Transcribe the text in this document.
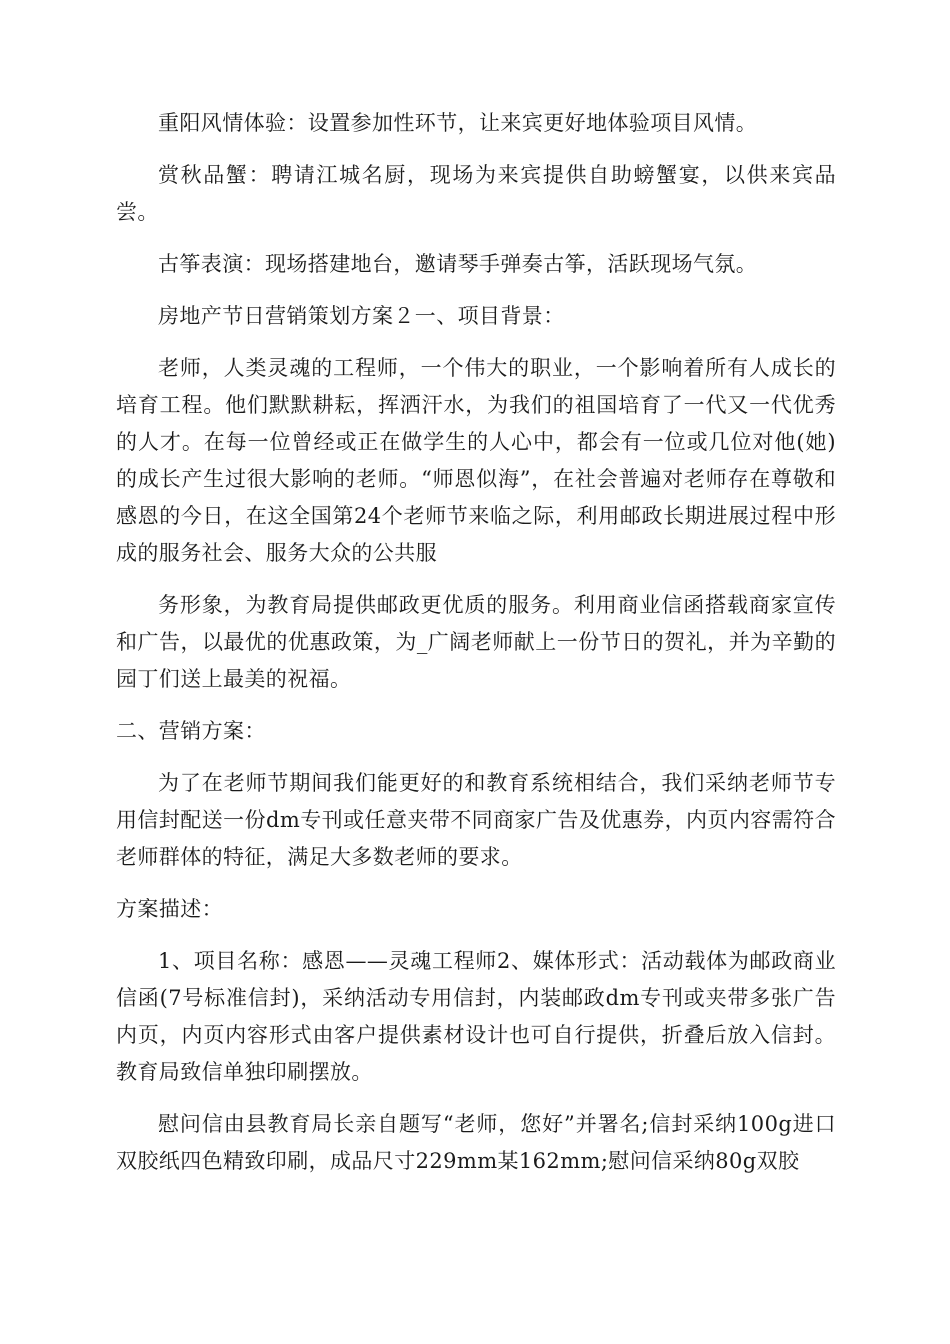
重阳风情体验：设置参加性环节，让来宾更好地体验项目风情。

赏秋品蟹：聘请江城名厨，现场为来宾提供自助螃蟹宴，以供来宾品尝。

古筝表演：现场搭建地台，邀请琴手弹奏古筝，活跃现场气氛。

房地产节日营销策划方案２一、项目背景：

老师，人类灵魂的工程师，一个伟大的职业，一个影响着所有人成长的培育工程。他们默默耕耘，挥洒汗水，为我们的祖国培育了一代又一代优秀的人才。在每一位曾经或正在做学生的人心中，都会有一位或几位对他(她)的成长产生过很大影响的老师。“师恩似海”，在社会普遍对老师存在尊敬和感恩的今日，在这全国第24个老师节来临之际，利用邮政长期进展过程中形成的服务社会、服务大众的公共服

务形象，为教育局提供邮政更优质的服务。利用商业信函搭载商家宣传和广告，以最优的优惠政策，为_广阔老师献上一份节日的贺礼，并为辛勤的园丁们送上最美的祝福。

二、营销方案：

为了在老师节期间我们能更好的和教育系统相结合，我们采纳老师节专用信封配送一份dm专刊或任意夹带不同商家广告及优惠券，内页内容需符合老师群体的特征，满足大多数老师的要求。

方案描述：

1、项目名称：感恩——灵魂工程师2、媒体形式：活动载体为邮政商业信函(7号标准信封)，采纳活动专用信封，内装邮政dm专刊或夹带多张广告内页，内页内容形式由客户提供素材设计也可自行提供，折叠后放入信封。教育局致信单独印刷摆放。

慰问信由县教育局长亲自题写“老师，您好”并署名;信封采纳100g进口双胶纸四色精致印刷，成品尺寸229mm某162mm;慰问信采纳80g双胶
